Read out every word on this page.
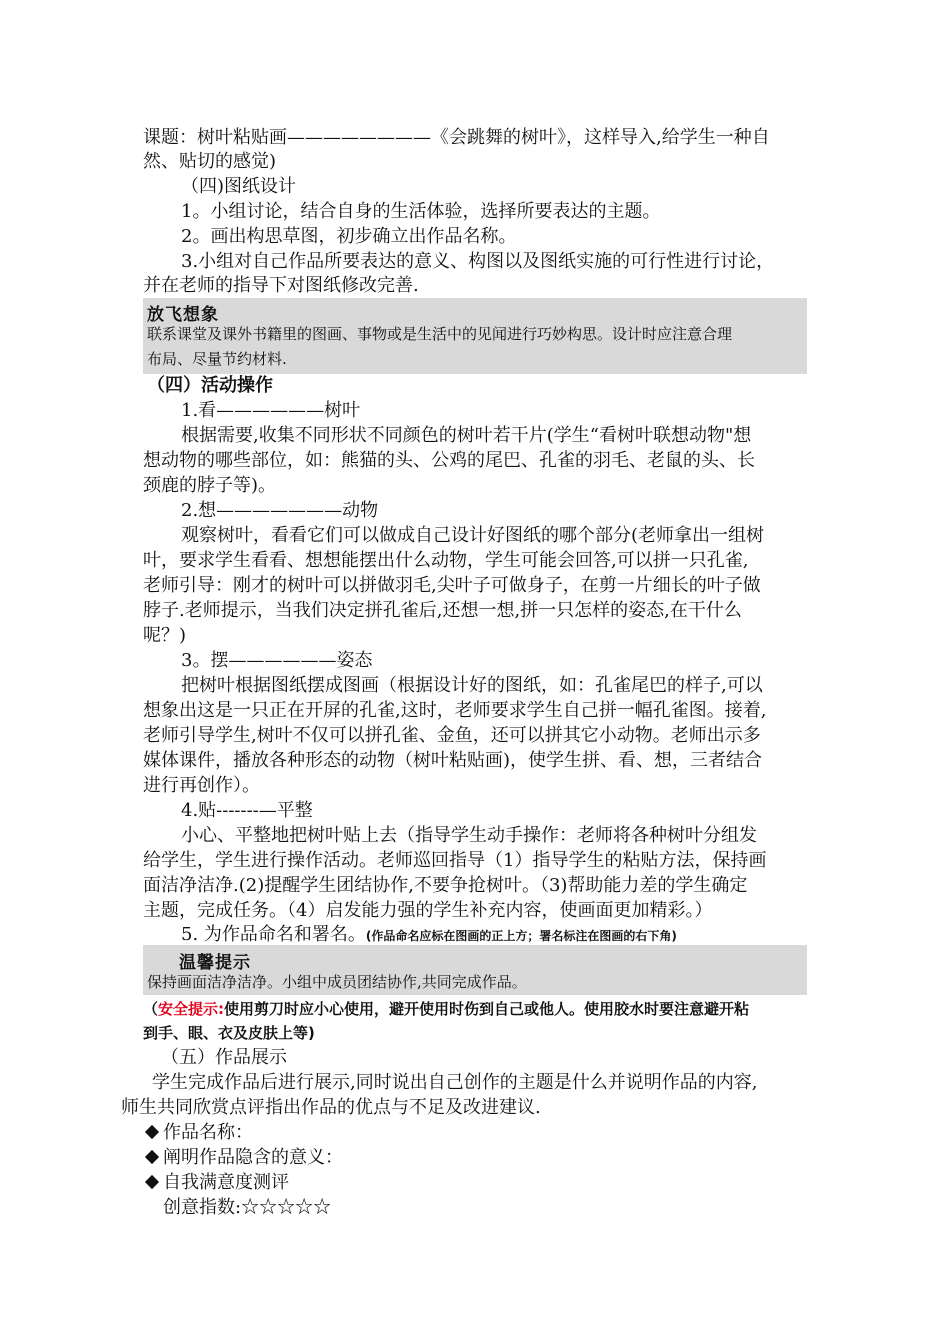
课题：树叶粘贴画————————《会跳舞的树叶》，这样导入,给学生一种自
然、贴切的感觉)
（四)图纸设计
1。小组讨论，结合自身的生活体验，选择所要表达的主题。
2。画出构思草图，初步确立出作品名称。
3.小组对自己作品所要表达的意义、构图以及图纸实施的可行性进行讨论，
并在老师的指导下对图纸修改完善.
放飞想象
联系课堂及课外书籍里的图画、事物或是生活中的见闻进行巧妙构思。设计时应注意合理
布局、尽量节约材料.
（四）活动操作
1.看——————树叶
根据需要,收集不同形状不同颜色的树叶若干片(学生“看树叶联想动物"想
想动物的哪些部位，如：熊猫的头、公鸡的尾巴、孔雀的羽毛、老鼠的头、长
颈鹿的脖子等)。
2.想———————动物
观察树叶，看看它们可以做成自己设计好图纸的哪个部分(老师拿出一组树
叶，要求学生看看、想想能摆出什么动物，学生可能会回答,可以拼一只孔雀,
老师引导：刚才的树叶可以拼做羽毛,尖叶子可做身子，在剪一片细长的叶子做
脖子.老师提示，当我们决定拼孔雀后,还想一想,拼一只怎样的姿态,在干什么
呢？)
3。摆——————姿态
把树叶根据图纸摆成图画（根据设计好的图纸，如：孔雀尾巴的样子,可以
想象出这是一只正在开屏的孔雀,这时，老师要求学生自己拼一幅孔雀图。接着,
老师引导学生,树叶不仅可以拼孔雀、金鱼，还可以拼其它小动物。老师出示多
媒体课件，播放各种形态的动物（树叶粘贴画)，使学生拼、看、想，三者结合
进行再创作）。
4.贴-------—平整
小心、平整地把树叶贴上去（指导学生动手操作：老师将各种树叶分组发
给学生，学生进行操作活动。老师巡回指导（1）指导学生的粘贴方法，保持画
面洁净洁净.(2)提醒学生团结协作,不要争抢树叶。（3)帮助能力差的学生确定
主题，完成任务。（4）启发能力强的学生补充内容，使画面更加精彩。）
5. 为作品命名和署名。(作品命名应标在图画的正上方；署名标注在图画的右下角)
温馨提示
保持画面洁净洁净。小组中成员团结协作,共同完成作品。
（安全提示:使用剪刀时应小心使用，避开使用时伤到自己或他人。使用胶水时要注意避开粘
到手、眼、衣及皮肤上等)
（五）作品展示
学生完成作品后进行展示,同时说出自己创作的主题是什么并说明作品的内容,
师生共同欣赏点评指出作品的优点与不足及改进建议.
作品名称：
阐明作品隐含的意义：
自我满意度测评
创意指数:☆☆☆☆☆
